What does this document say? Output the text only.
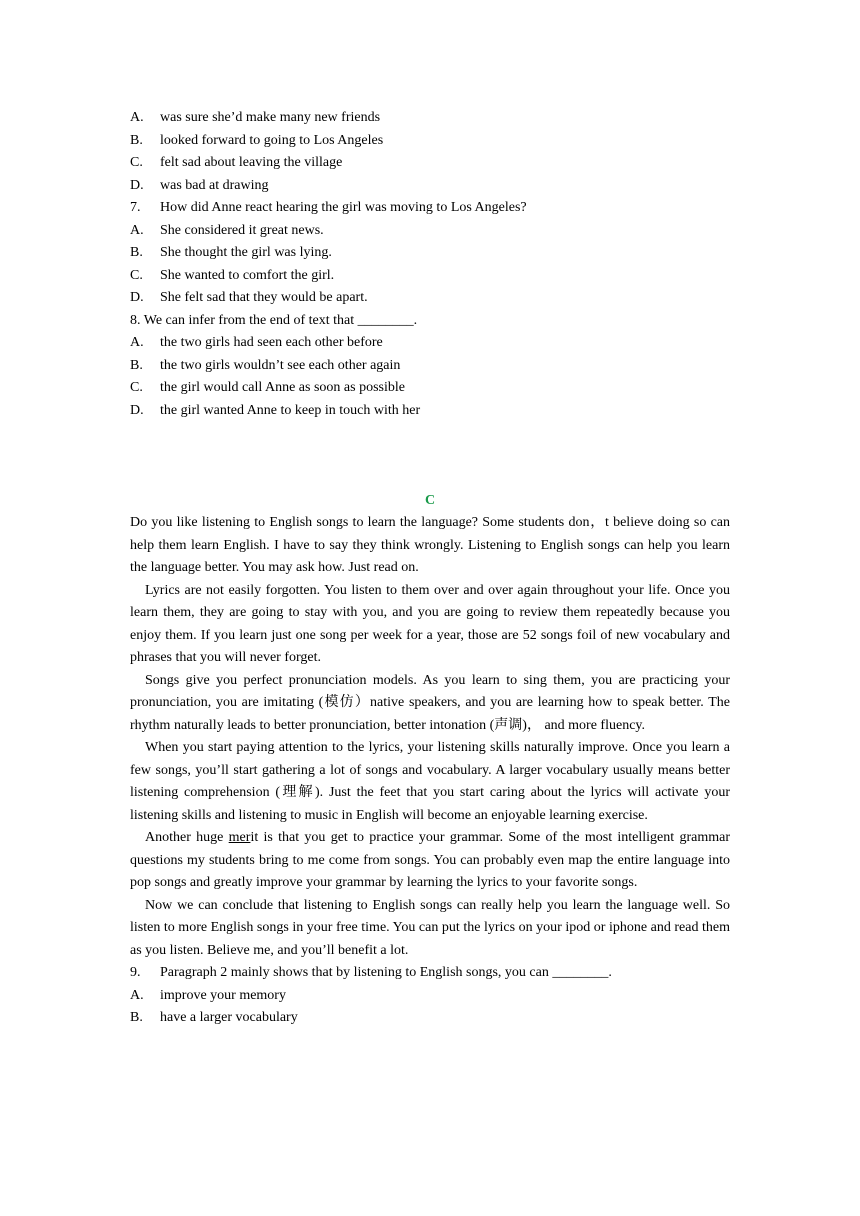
A. was sure she’d make many new friends
B. looked forward to going to Los Angeles
C. felt sad about leaving the village
D. was bad at drawing
7. How did Anne react hearing the girl was moving to Los Angeles?
A. She considered it great news.
B. She thought the girl was lying.
C. She wanted to comfort the girl.
D. She felt sad that they would be apart.
8. We can infer from the end of text that ________.
A. the two girls had seen each other before
B. the two girls wouldn’t see each other again
C. the girl would call Anne as soon as possible
D. the girl wanted Anne to keep in touch with her
C

Do you like listening to English songs to learn the language? Some students don，t believe doing so can help them learn English. I have to say they think wrongly. Listening to English songs can help you learn the language better. You may ask how. Just read on.

Lyrics are not easily forgotten. You listen to them over and over again throughout your life. Once you learn them, they are going to stay with you, and you are going to review them repeatedly because you enjoy them. If you learn just one song per week for a year, those are 52 songs foil of new vocabulary and phrases that you will never forget.

Songs give you perfect pronunciation models. As you learn to sing them, you are practicing your pronunciation, you are imitating (模仿）native speakers, and you are learning how to speak better. The rhythm naturally leads to better pronunciation, better intonation (声调)， and more fluency.

When you start paying attention to the lyrics, your listening skills naturally improve. Once you learn a few songs, you’ll start gathering a lot of songs and vocabulary. A larger vocabulary usually means better listening comprehension (理解). Just the feet that you start caring about the lyrics will activate your listening skills and listening to music in English will become an enjoyable learning exercise.

Another huge merit is that you get to practice your grammar. Some of the most intelligent grammar questions my students bring to me come from songs. You can probably even map the entire language into pop songs and greatly improve your grammar by learning the lyrics to your favorite songs.

Now we can conclude that listening to English songs can really help you learn the language well. So listen to more English songs in your free time. You can put the lyrics on your ipod or iphone and read them as you listen. Believe me, and you’ll benefit a lot.

9. Paragraph 2 mainly shows that by listening to English songs, you can ________.
A. improve your memory
B. have a larger vocabulary
